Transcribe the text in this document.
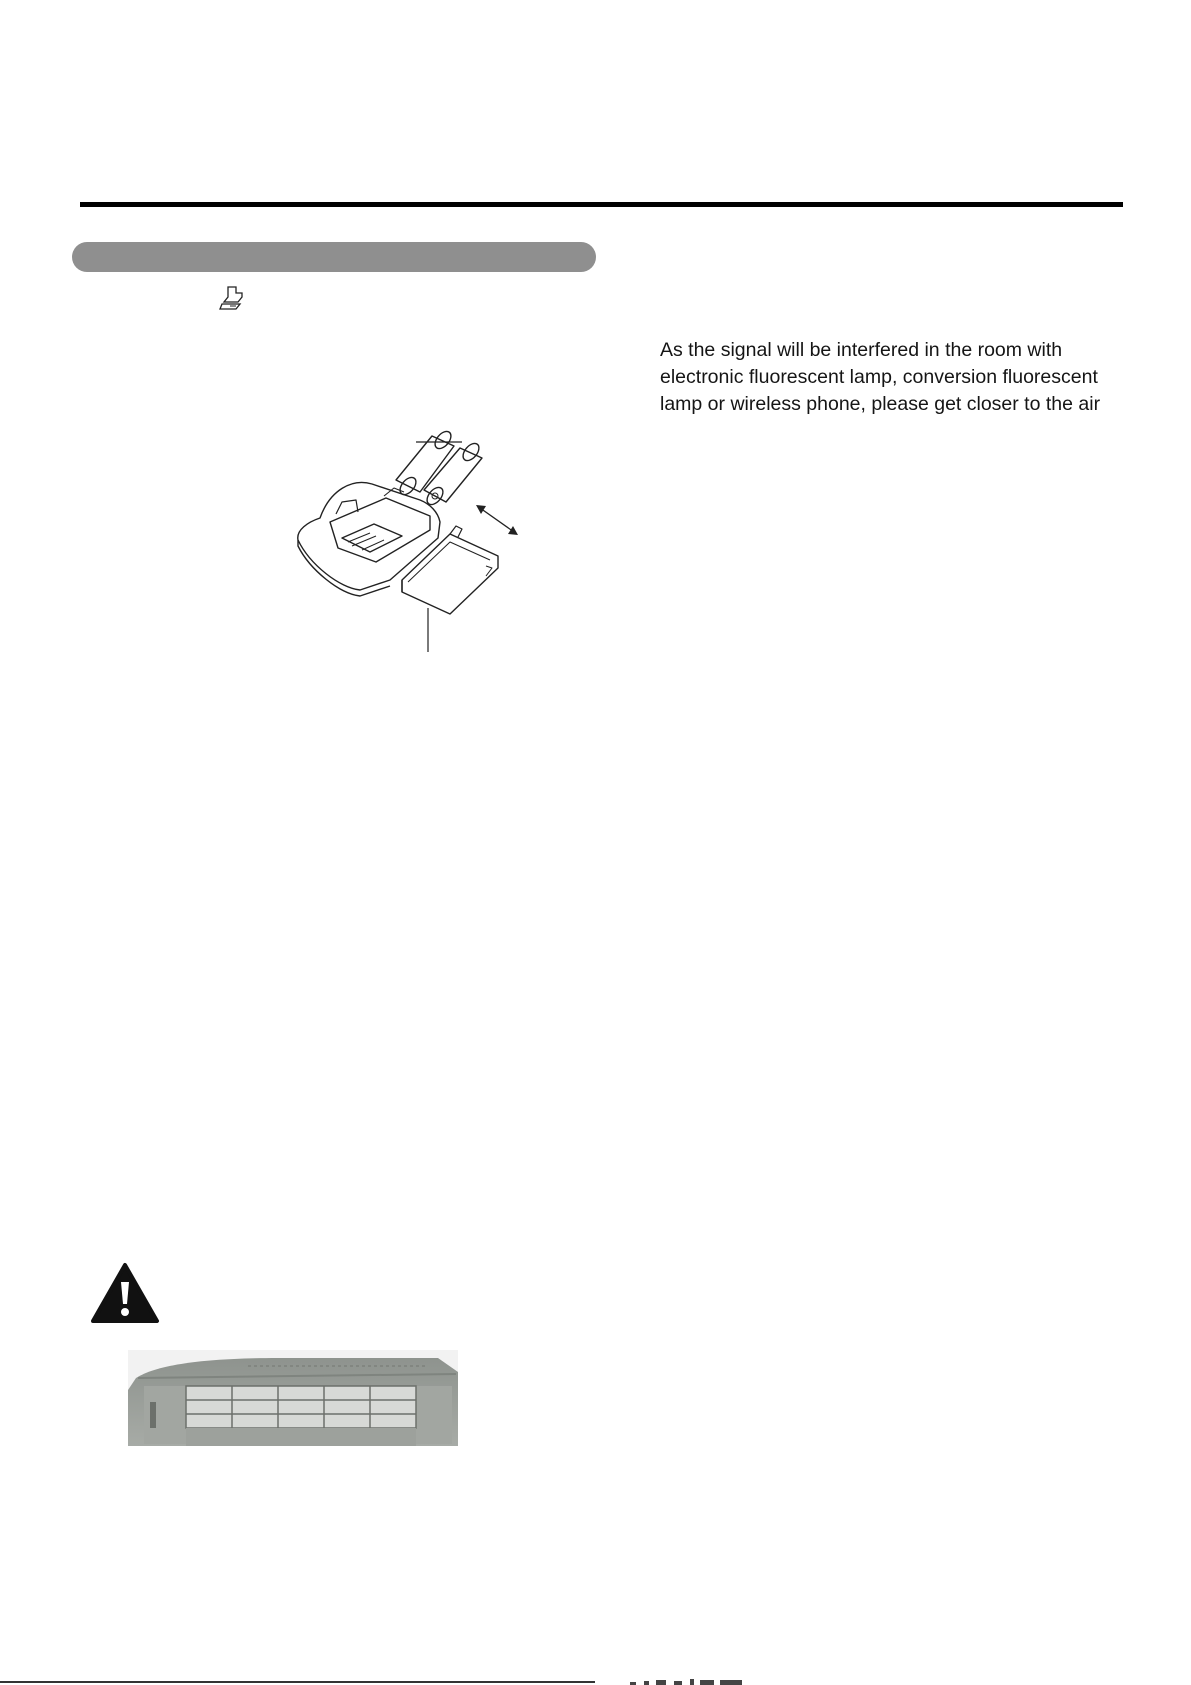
As the signal will be interfered in the room with
electronic fluorescent lamp, conversion fluorescent
lamp or wireless phone, please get closer to the air
